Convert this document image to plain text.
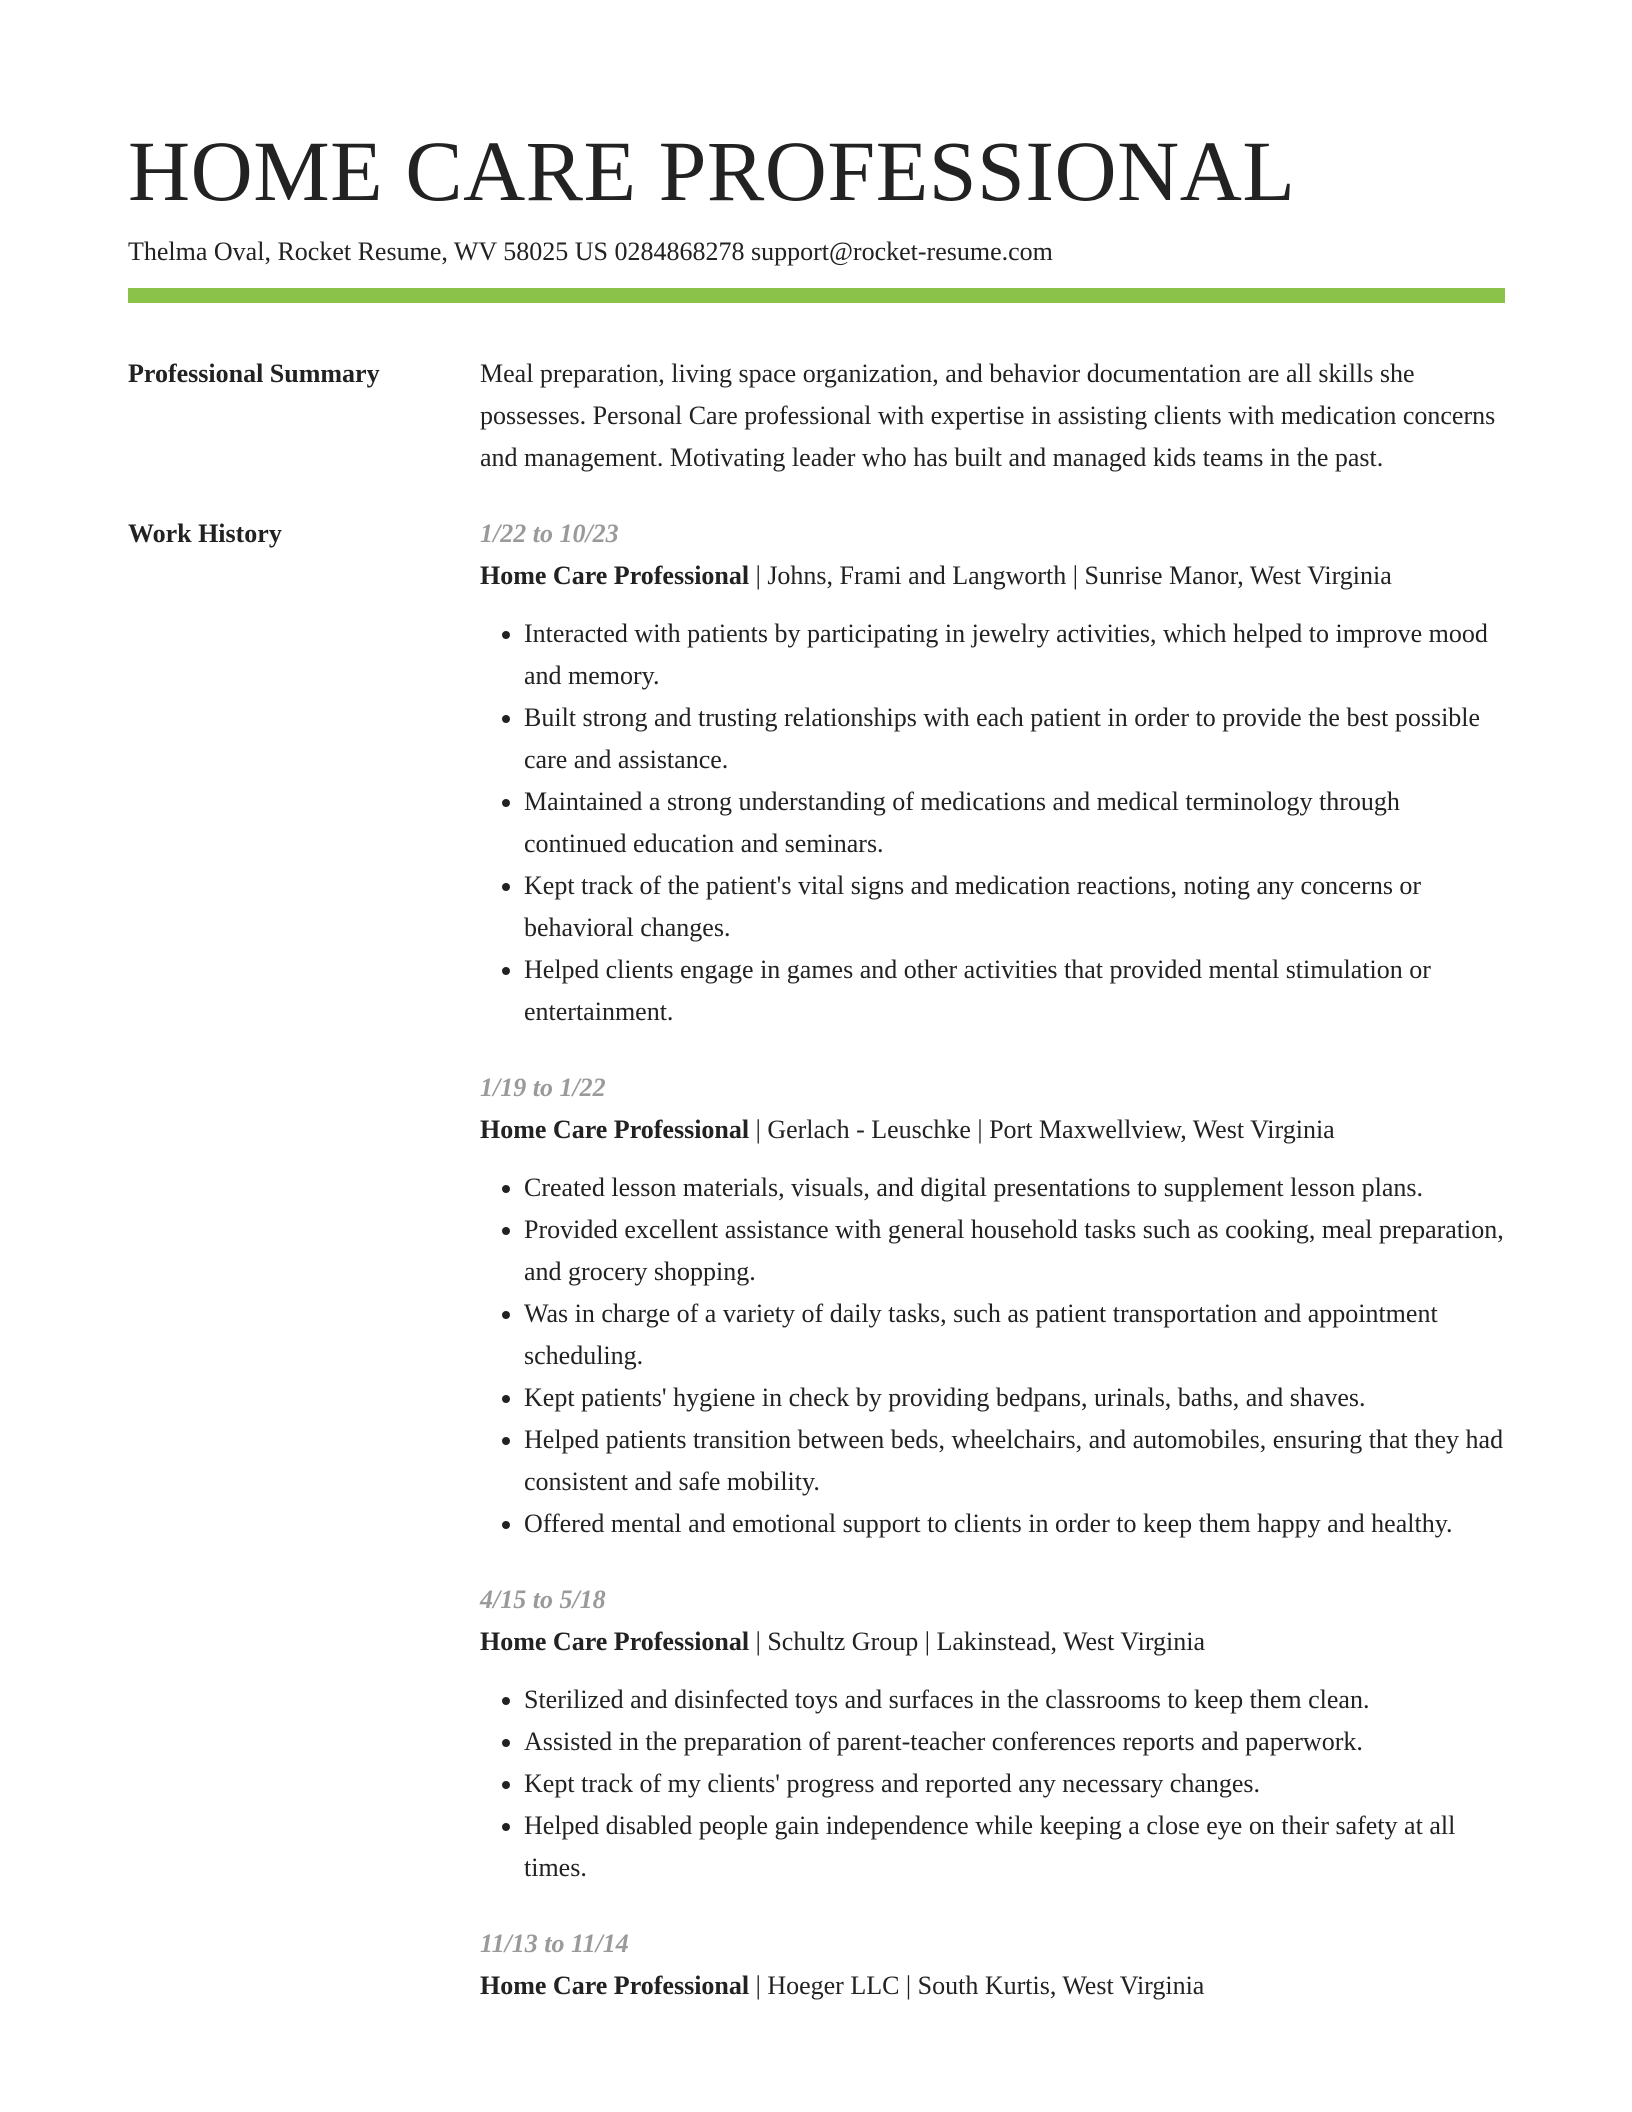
HOME CARE PROFESSIONAL
Thelma Oval, Rocket Resume, WV 58025 US 0284868278 support@rocket-resume.com
Professional Summary	Meal preparation, living space organization, and behavior documentation are all skills she possesses. Personal Care professional with expertise in assisting clients with medication concerns and management. Motivating leader who has built and managed kids teams in the past.

Work History	1/22 to 10/23
Home Care Professional | Johns, Frami and Langworth | Sunrise Manor, West Virginia
• Interacted with patients by participating in jewelry activities, which helped to improve mood and memory.
• Built strong and trusting relationships with each patient in order to provide the best possible care and assistance.
• Maintained a strong understanding of medications and medical terminology through continued education and seminars.
• Kept track of the patient's vital signs and medication reactions, noting any concerns or behavioral changes.
• Helped clients engage in games and other activities that provided mental stimulation or entertainment.
1/19 to 1/22
Home Care Professional | Gerlach - Leuschke | Port Maxwellview, West Virginia
• Created lesson materials, visuals, and digital presentations to supplement lesson plans.
• Provided excellent assistance with general household tasks such as cooking, meal preparation, and grocery shopping.
• Was in charge of a variety of daily tasks, such as patient transportation and appointment scheduling.
• Kept patients' hygiene in check by providing bedpans, urinals, baths, and shaves.
• Helped patients transition between beds, wheelchairs, and automobiles, ensuring that they had consistent and safe mobility.
• Offered mental and emotional support to clients in order to keep them happy and healthy.
4/15 to 5/18
Home Care Professional | Schultz Group | Lakinstead, West Virginia
• Sterilized and disinfected toys and surfaces in the classrooms to keep them clean.
• Assisted in the preparation of parent-teacher conferences reports and paperwork.
• Kept track of my clients' progress and reported any necessary changes.
• Helped disabled people gain independence while keeping a close eye on their safety at all times.
11/13 to 11/14
Home Care Professional | Hoeger LLC | South Kurtis, West Virginia
